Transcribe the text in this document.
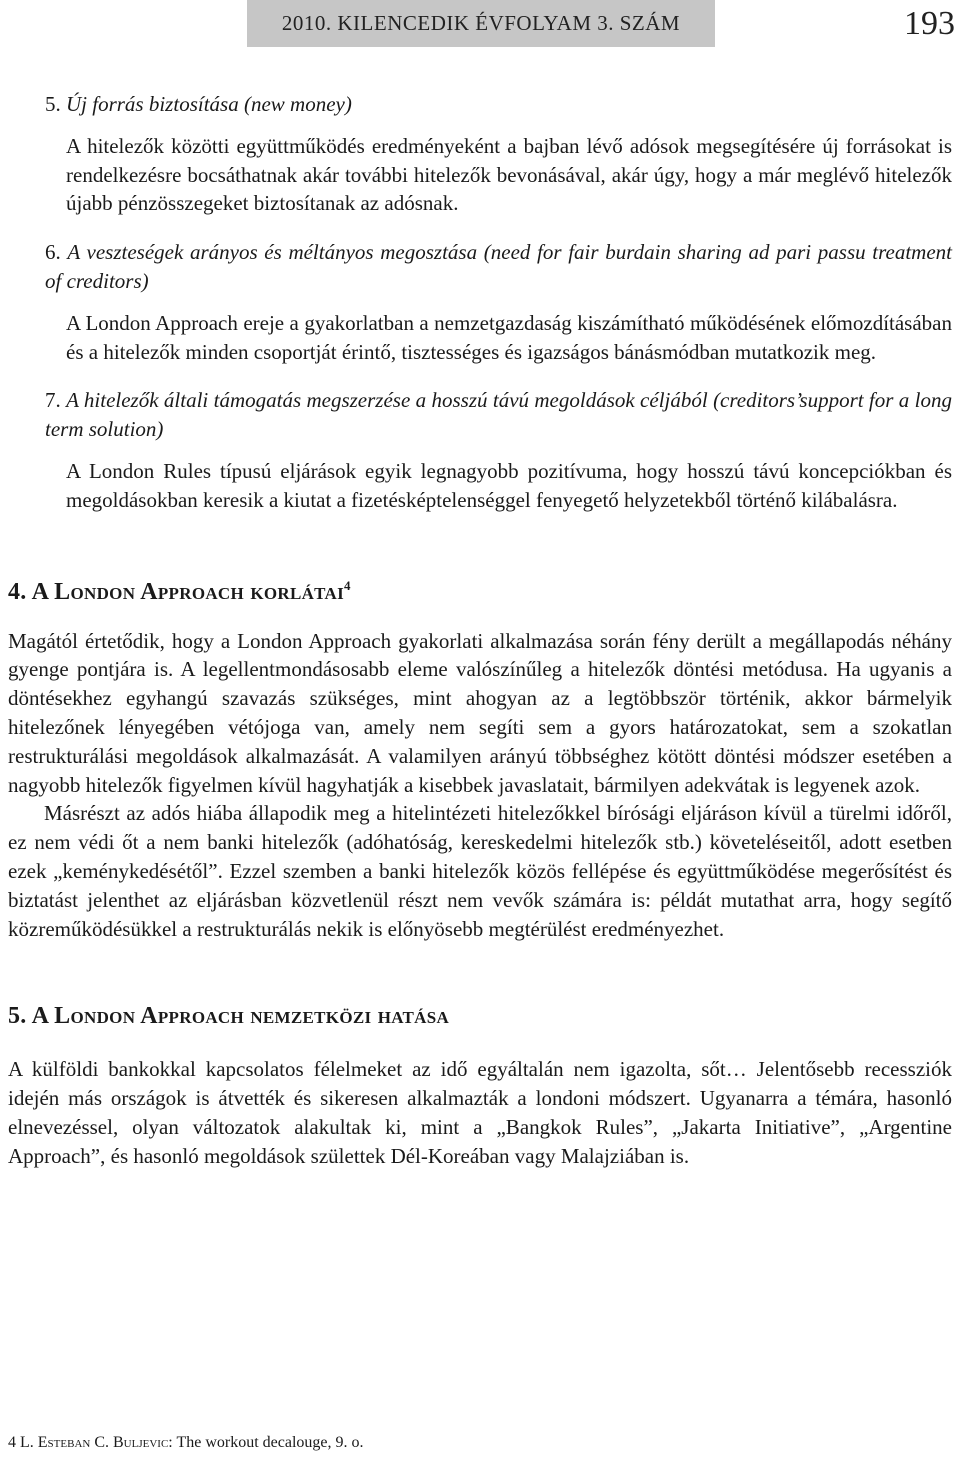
2010. KILENCEDIK ÉVFOLYAM 3. SZÁM	193

5. Új forrás biztosítása (new money)

A hitelezők közötti együttműködés eredményeként a bajban lévő adósok megsegítésére új forrásokat is rendelkezésre bocsáthatnak akár további hitelezők bevonásával, akár úgy, hogy a már meglévő hitelezők újabb pénzösszegeket biztosítanak az adósnak.

6. A veszteségek arányos és méltányos megosztása (need for fair burdain sharing ad pari passu treatment of creditors)

A London Approach ereje a gyakorlatban a nemzetgazdaság kiszámítható működésének előmozdításában és a hitelezők minden csoportját érintő, tisztességes és igazságos bánásmódban mutatkozik meg.

7. A hitelezők általi támogatás megszerzése a hosszú távú megoldások céljából (creditors’support for a long term solution)

A London Rules típusú eljárások egyik legnagyobb pozitívuma, hogy hosszú távú koncepciókban és megoldásokban keresik a kiutat a fizetésképtelenséggel fenyegető helyzetekből történő kilábalásra.

4. A London Approach korlátai$^4$

Magától értetődik, hogy a London Approach gyakorlati alkalmazása során fény derült a megállapodás néhány gyenge pontjára is. A legellentmondásosabb eleme valószínűleg a hitelezők döntési metódusa. Ha ugyanis a döntésekhez egyhangú szavazás szükséges, mint ahogyan az a legtöbbször történik, akkor bármelyik hitelezőnek lényegében vétójoga van, amely nem segíti sem a gyors határozatokat, sem a szokatlan restrukturálási megoldások alkalmazását. A valamilyen arányú többséghez kötött döntési módszer esetében a nagyobb hitelezők figyelmen kívül hagyhatják a kisebbek javaslatait, bármilyen adekvátak is legyenek azok.

Másrészt az adós hiába állapodik meg a hitelintézeti hitelezőkkel bírósági eljáráson kívül a türelmi időről, ez nem védi őt a nem banki hitelezők (adóhatóság, kereskedelmi hitelezők stb.) követeléseitől, adott esetben ezek „keménykedésétől”. Ezzel szemben a banki hitelezők közös fellépése és együttműködése megerősítést és biztatást jelenthet az eljárásban közvetlenül részt nem vevők számára is: példát mutathat arra, hogy segítő közreműködésükkel a restrukturálás nekik is előnyösebb megtérülést eredményezhet.

5. A London Approach nemzetközi hatása

A külföldi bankokkal kapcsolatos félelmeket az idő egyáltalán nem igazolta, sőt… Jelentősebb recessziók idején más országok is átvették és sikeresen alkalmazták a londoni módszert. Ugyanarra a témára, hasonló elnevezéssel, olyan változatok alakultak ki, mint a „Bangkok Rules”, „Jakarta Initiative”, „Argentine Approach”, és hasonló megoldások születtek Dél-Koreában vagy Malajziában is.

4 L. Esteban C. Buljevic: The workout decalouge, 9. o.
